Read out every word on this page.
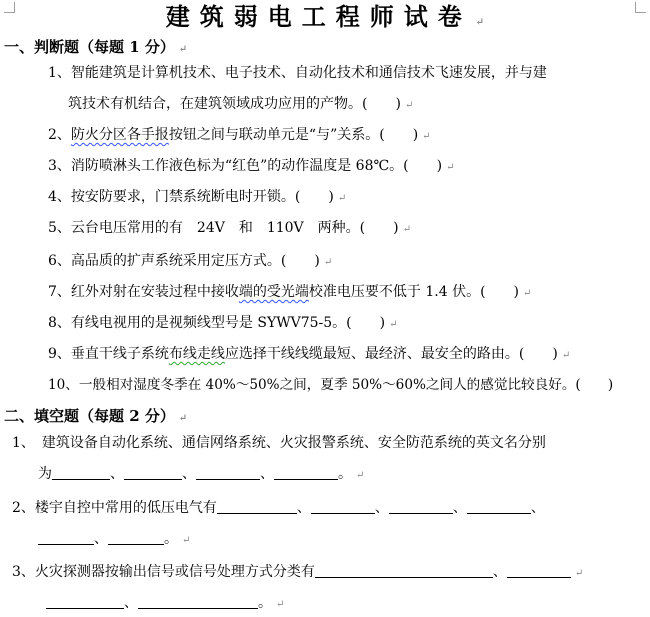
建筑弱电工程师试卷 ↵
一、判断题（每题 1 分） ↵
1、智能建筑是计算机技术、电子技术、自动化技术和通信技术飞速发展，并与建
筑技术有机结合，在建筑领域成功应用的产物。(　　) ↵
2、防火分区各手报按钮之间与联动单元是“与”关系。(　　) ↵
3、消防喷淋头工作液色标为“红色”的动作温度是 68℃。(　　) ↵
4、按安防要求，门禁系统断电时开锁。(　　) ↵
5、云台电压常用的有　24V　和　110V　两种。(　　) ↵
6、高品质的扩声系统采用定压方式。(　　) ↵
7、红外对射在安装过程中接收端的受光端校准电压要不低于 1.4 伏。(　　) ↵
8、有线电视用的是视频线型号是 SYWV75-5。(　　) ↵
9、垂直干线子系统布线走线应选择干线线缆最短、最经济、最安全的路由。(　　) ↵
10、一般相对湿度冬季在 40%～50%之间，夏季 50%～60%之间人的感觉比较良好。(　　)
二、填空题（每题 2 分） ↵
1、　建筑设备自动化系统、通信网络系统、火灾报警系统、安全防范系统的英文名分别
为	、	、	、	。 ↵
2、楼宇自控中常用的低压电气有	、	、	、	、
、	。 ↵
3、火灾探测器按输出信号或信号处理方式分类有	、	↵
、	。 ↵
